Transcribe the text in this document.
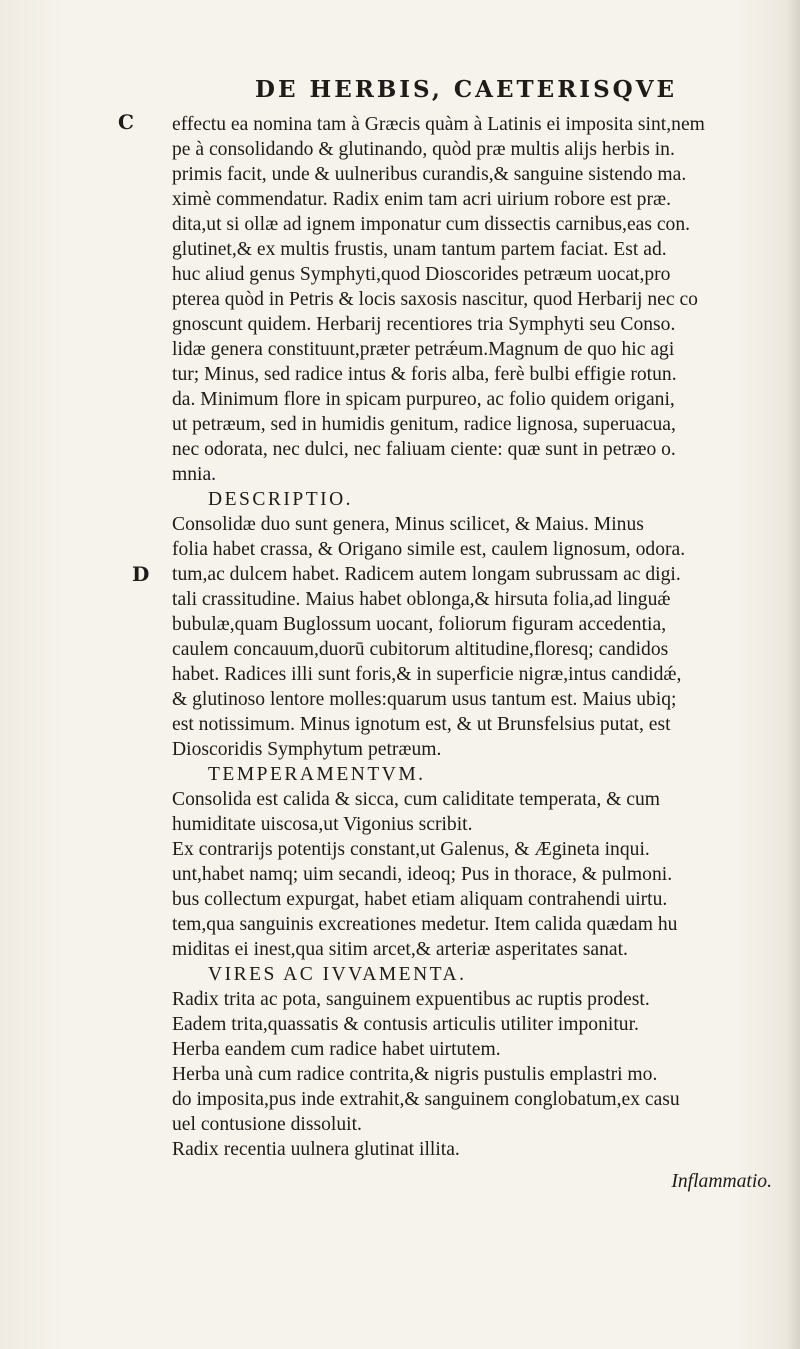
DE HERBIS, CAETERISQVE
C
D
effectu ea nomina tam à Græcis quàm à Latinis ei imposita sint,nem
pe à consolidando & glutinando, quòd præ multis alijs herbis in.
primis facit, unde & uulneribus curandis,& sanguine sistendo ma.
ximè commendatur. Radix enim tam acri uirium robore est præ.
dita,ut si ollæ ad ignem imponatur cum dissectis carnibus,eas con.
glutinet,& ex multis frustis, unam tantum partem faciat. Est ad.
huc aliud genus Symphyti,quod Dioscorides petræum uocat,pro
pterea quòd in Petris & locis saxosis nascitur, quod Herbarij nec co
gnoscunt quidem. Herbarij recentiores tria Symphyti seu Conso.
lidæ genera constituunt,præter petrǽum.Magnum de quo hic agi
tur; Minus, sed radice intus & foris alba, ferè bulbi effigie rotun.
da. Minimum flore in spicam purpureo, ac folio quidem origani,
ut petræum, sed in humidis genitum, radice lignosa, superuacua,
nec odorata, nec dulci, nec faliuam ciente: quæ sunt in petræo o.
mnia.
DESCRIPTIO.
Consolidæ duo sunt genera, Minus scilicet, & Maius. Minus
folia habet crassa, & Origano simile est, caulem lignosum, odora.
tum,ac dulcem habet. Radicem autem longam subrussam ac digi.
tali crassitudine. Maius habet oblonga,& hirsuta folia,ad linguǽ
bubulæ,quam Buglossum uocant, foliorum figuram accedentia,
caulem concauum,duorū cubitorum altitudine,floresq; candidos
habet. Radices illi sunt foris,& in superficie nigræ,intus candidǽ,
& glutinoso lentore molles:quarum usus tantum est. Maius ubiq;
est notissimum. Minus ignotum est, & ut Brunsfelsius putat, est
Dioscoridis Symphytum petræum.
TEMPERAMENTVM.
Consolida est calida & sicca, cum caliditate temperata, & cum
humiditate uiscosa,ut Vigonius scribit.
Ex contrarijs potentijs constant,ut Galenus, & Ægineta inqui.
unt,habet namq; uim secandi, ideoq; Pus in thorace, & pulmoni.
bus collectum expurgat, habet etiam aliquam contrahendi uirtu.
tem,qua sanguinis excreationes medetur. Item calida quædam hu
miditas ei inest,qua sitim arcet,& arteriæ asperitates sanat.
VIRES AC IVVAMENTA.
Radix trita ac pota, sanguinem expuentibus ac ruptis prodest.
Eadem trita,quassatis & contusis articulis utiliter imponitur.
Herba eandem cum radice habet uirtutem.
Herba unà cum radice contrita,& nigris pustulis emplastri mo.
do imposita,pus inde extrahit,& sanguinem conglobatum,ex casu
uel contusione dissoluit.
Radix recentia uulnera glutinat illita.
Inflammatio.
